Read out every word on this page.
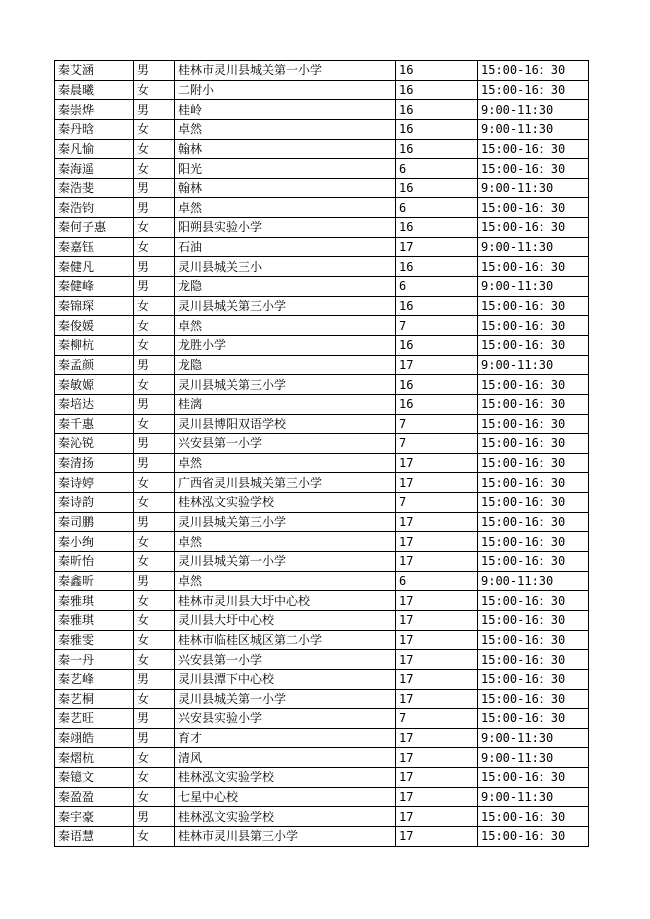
秦艾涵	男	桂林市灵川县城关第一小学	16	15:00-16：30
秦晨曦	女	二附小	16	15:00-16：30
秦崇烨	男	桂岭	16	9:00-11:30
秦丹晗	女	卓然	16	9:00-11:30
秦凡愉	女	翰林	16	15:00-16：30
秦海遥	女	阳光	6	15:00-16：30
秦浩斐	男	翰林	16	9:00-11:30
秦浩钧	男	卓然	6	15:00-16：30
秦何子惠	女	阳朔县实验小学	16	15:00-16：30
秦嘉钰	女	石油	17	9:00-11:30
秦健凡	男	灵川县城关三小	16	15:00-16：30
秦健峰	男	龙隐	6	9:00-11:30
秦锦琛	女	灵川县城关第三小学	16	15:00-16：30
秦俊媛	女	卓然	7	15:00-16：30
秦柳杭	女	龙胜小学	16	15:00-16：30
秦孟颜	男	龙隐	17	9:00-11:30
秦敏嫄	女	灵川县城关第三小学	16	15:00-16：30
秦培达	男	桂漓	16	15:00-16：30
秦千惠	女	灵川县博阳双语学校	7	15:00-16：30
秦沁锐	男	兴安县第一小学	7	15:00-16：30
秦清扬	男	卓然	17	15:00-16：30
秦诗婷	女	广西省灵川县城关第三小学	17	15:00-16：30
秦诗韵	女	桂林泓文实验学校	7	15:00-16：30
秦司鹏	男	灵川县城关第三小学	17	15:00-16：30
秦小绚	女	卓然	17	15:00-16：30
秦昕怡	女	灵川县城关第一小学	17	15:00-16：30
秦鑫昕	男	卓然	6	9:00-11:30
秦雅琪	女	桂林市灵川县大圩中心校	17	15:00-16：30
秦雅琪	女	灵川县大圩中心校	17	15:00-16：30
秦雅雯	女	桂林市临桂区城区第二小学	17	15:00-16：30
秦一丹	女	兴安县第一小学	17	15:00-16：30
秦艺峰	男	灵川县潭下中心校	17	15:00-16：30
秦艺桐	女	灵川县城关第一小学	17	15:00-16：30
秦艺旺	男	兴安县实验小学	7	15:00-16：30
秦翊皓	男	育才	17	9:00-11:30
秦熠杭	女	清风	17	9:00-11:30
秦镱文	女	桂林泓文实验学校	17	15:00-16：30
秦盈盈	女	七星中心校	17	9:00-11:30
秦宇豪	男	桂林泓文实验学校	17	15:00-16：30
秦语慧	女	桂林市灵川县第三小学	17	15:00-16：30
